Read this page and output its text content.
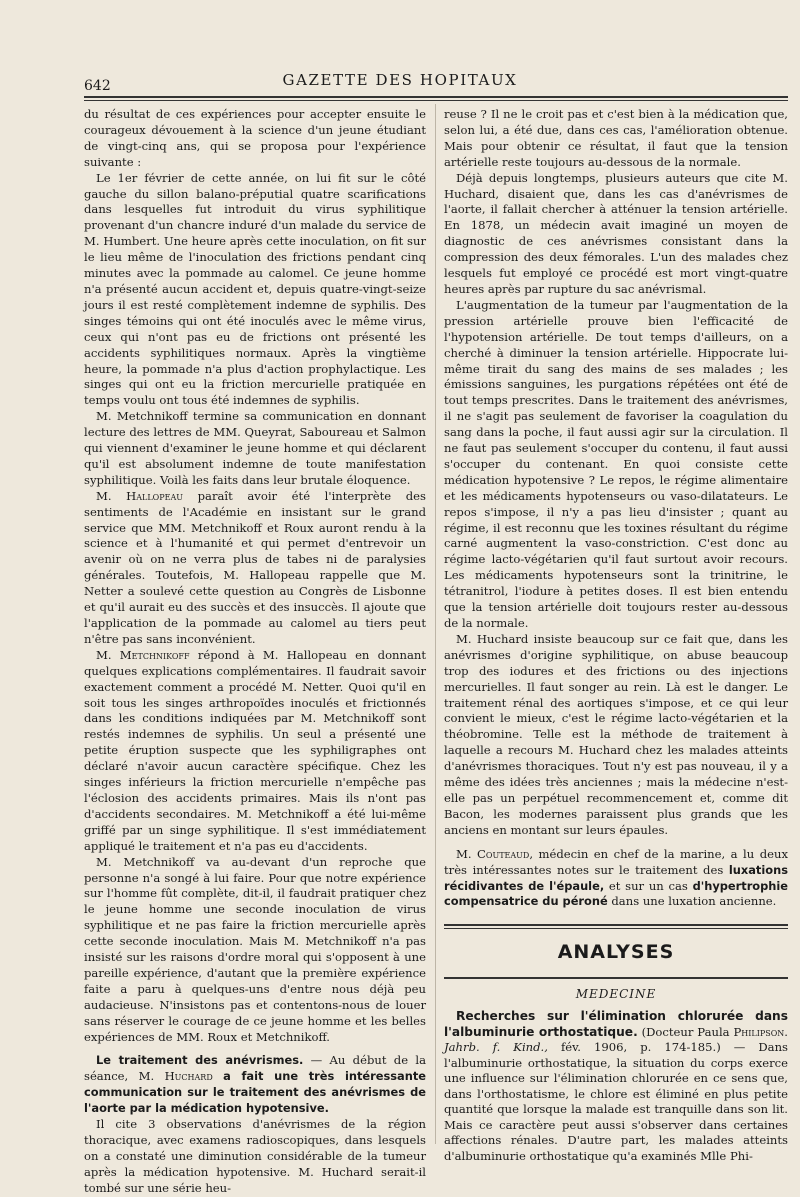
642	GAZETTE DES HOPITAUX

du résultat de ces expériences pour accepter ensuite le courageux dévouement à la science d'un jeune étudiant de vingt-cinq ans, qui se proposa pour l'expérience suivante :

Le 1er février de cette année, on lui fit sur le côté gauche du sillon balano-préputial quatre scarifications dans lesquelles fut introduit du virus syphilitique provenant d'un chancre induré d'un malade du service de M. Humbert. Une heure après cette inoculation, on fit sur le lieu même de l'inoculation des frictions pendant cinq minutes avec la pommade au calomel. Ce jeune homme n'a présenté aucun accident et, depuis quatre-vingt-seize jours il est resté complètement indemne de syphilis. Des singes témoins qui ont été inoculés avec le même virus, ceux qui n'ont pas eu de frictions ont présenté les accidents syphilitiques normaux. Après la vingtième heure, la pommade n'a plus d'action prophylactique. Les singes qui ont eu la friction mercurielle pratiquée en temps voulu ont tous été indemnes de syphilis.

M. Metchnikoff termine sa communication en donnant lecture des lettres de MM. Queyrat, Saboureau et Salmon qui viennent d'examiner le jeune homme et qui déclarent qu'il est absolument indemne de toute manifestation syphilitique. Voilà les faits dans leur brutale éloquence.

M. Hallopeau paraît avoir été l'interprète des sentiments de l'Académie en insistant sur le grand service que MM. Metchnikoff et Roux auront rendu à la science et à l'humanité et qui permet d'entrevoir un avenir où on ne verra plus de tabes ni de paralysies générales. Toutefois, M. Hallopeau rappelle que M. Netter a soulevé cette question au Congrès de Lisbonne et qu'il aurait eu des succès et des insuccès. Il ajoute que l'application de la pommade au calomel au tiers peut n'être pas sans inconvénient.

M. Metchnikoff répond à M. Hallopeau en donnant quelques explications complémentaires. Il faudrait savoir exactement comment a procédé M. Netter. Quoi qu'il en soit tous les singes arthropoïdes inoculés et frictionnés dans les conditions indiquées par M. Metchnikoff sont restés indemnes de syphilis. Un seul a présenté une petite éruption suspecte que les syphiligraphes ont déclaré n'avoir aucun caractère spécifique. Chez les singes inférieurs la friction mercurielle n'empêche pas l'éclosion des accidents primaires. Mais ils n'ont pas d'accidents secondaires. M. Metchnikoff a été lui-même griffé par un singe syphilitique. Il s'est immédiatement appliqué le traitement et n'a pas eu d'accidents.

M. Metchnikoff va au-devant d'un reproche que personne n'a songé à lui faire. Pour que notre expérience sur l'homme fût complète, dit-il, il faudrait pratiquer chez le jeune homme une seconde inoculation de virus syphilitique et ne pas faire la friction mercurielle après cette seconde inoculation. Mais M. Metchnikoff n'a pas insisté sur les raisons d'ordre moral qui s'opposent à une pareille expérience, d'autant que la première expérience faite a paru à quelques-uns d'entre nous déjà peu audacieuse. N'insistons pas et contentons-nous de louer sans réserver le courage de ce jeune homme et les belles expériences de MM. Roux et Metchnikoff.

Le traitement des anévrismes. — Au début de la séance, M. Huchard a fait une très intéressante communication sur le traitement des anévrismes de l'aorte par la médication hypotensive.

Il cite 3 observations d'anévrismes de la région thoracique, avec examens radioscopiques, dans lesquels on a constaté une diminution considérable de la tumeur après la médication hypotensive. M. Huchard serait-il tombé sur une série heu-

reuse ? Il ne le croit pas et c'est bien à la médication que, selon lui, a été due, dans ces cas, l'amélioration obtenue. Mais pour obtenir ce résultat, il faut que la tension artérielle reste toujours au-dessous de la normale.

Déjà depuis longtemps, plusieurs auteurs que cite M. Huchard, disaient que, dans les cas d'anévrismes de l'aorte, il fallait chercher à atténuer la tension artérielle. En 1878, un médecin avait imaginé un moyen de diagnostic de ces anévrismes consistant dans la compression des deux fémorales. L'un des malades chez lesquels fut employé ce procédé est mort vingt-quatre heures après par rupture du sac anévrismal.

L'augmentation de la tumeur par l'augmentation de la pression artérielle prouve bien l'efficacité de l'hypotension artérielle. De tout temps d'ailleurs, on a cherché à diminuer la tension artérielle. Hippocrate lui-même tirait du sang des mains de ses malades ; les émissions sanguines, les purgations répétées ont été de tout temps prescrites. Dans le traitement des anévrismes, il ne s'agit pas seulement de favoriser la coagulation du sang dans la poche, il faut aussi agir sur la circulation. Il ne faut pas seulement s'occuper du contenu, il faut aussi s'occuper du contenant. En quoi consiste cette médication hypotensive ? Le repos, le régime alimentaire et les médicaments hypotenseurs ou vaso-dilatateurs. Le repos s'impose, il n'y a pas lieu d'insister ; quant au régime, il est reconnu que les toxines résultant du régime carné augmentent la vaso-constriction. C'est donc au régime lacto-végétarien qu'il faut surtout avoir recours. Les médicaments hypotenseurs sont la trinitrine, le tétranitrol, l'iodure à petites doses. Il est bien entendu que la tension artérielle doit toujours rester au-dessous de la normale.

M. Huchard insiste beaucoup sur ce fait que, dans les anévrismes d'origine syphilitique, on abuse beaucoup trop des iodures et des frictions ou des injections mercurielles. Il faut songer au rein. Là est le danger. Le traitement rénal des aortiques s'impose, et ce qui leur convient le mieux, c'est le régime lacto-végétarien et la théobromine. Telle est la méthode de traitement à laquelle a recours M. Huchard chez les malades atteints d'anévrismes thoraciques. Tout n'y est pas nouveau, il y a même des idées très anciennes ; mais la médecine n'est-elle pas un perpétuel recommencement et, comme dit Bacon, les modernes paraissent plus grands que les anciens en montant sur leurs épaules.

M. Couteaud, médecin en chef de la marine, a lu deux très intéressantes notes sur le traitement des luxations récidivantes de l'épaule, et sur un cas d'hypertrophie compensatrice du péroné dans une luxation ancienne.

ANALYSES
MEDECINE

Recherches sur l'élimination chlorurée dans l'albuminurie orthostatique. (Docteur Paula Philipson. Jahrb. f. Kind., fév. 1906, p. 174-185.) — Dans l'albuminurie orthostatique, la situation du corps exerce une influence sur l'élimination chlorurée en ce sens que, dans l'orthostatisme, le chlore est éliminé en plus petite quantité que lorsque la malade est tranquille dans son lit. Mais ce caractère peut aussi s'observer dans certaines affections rénales. D'autre part, les malades atteints d'albuminurie orthostatique qu'a examinés Mlle Phi-
